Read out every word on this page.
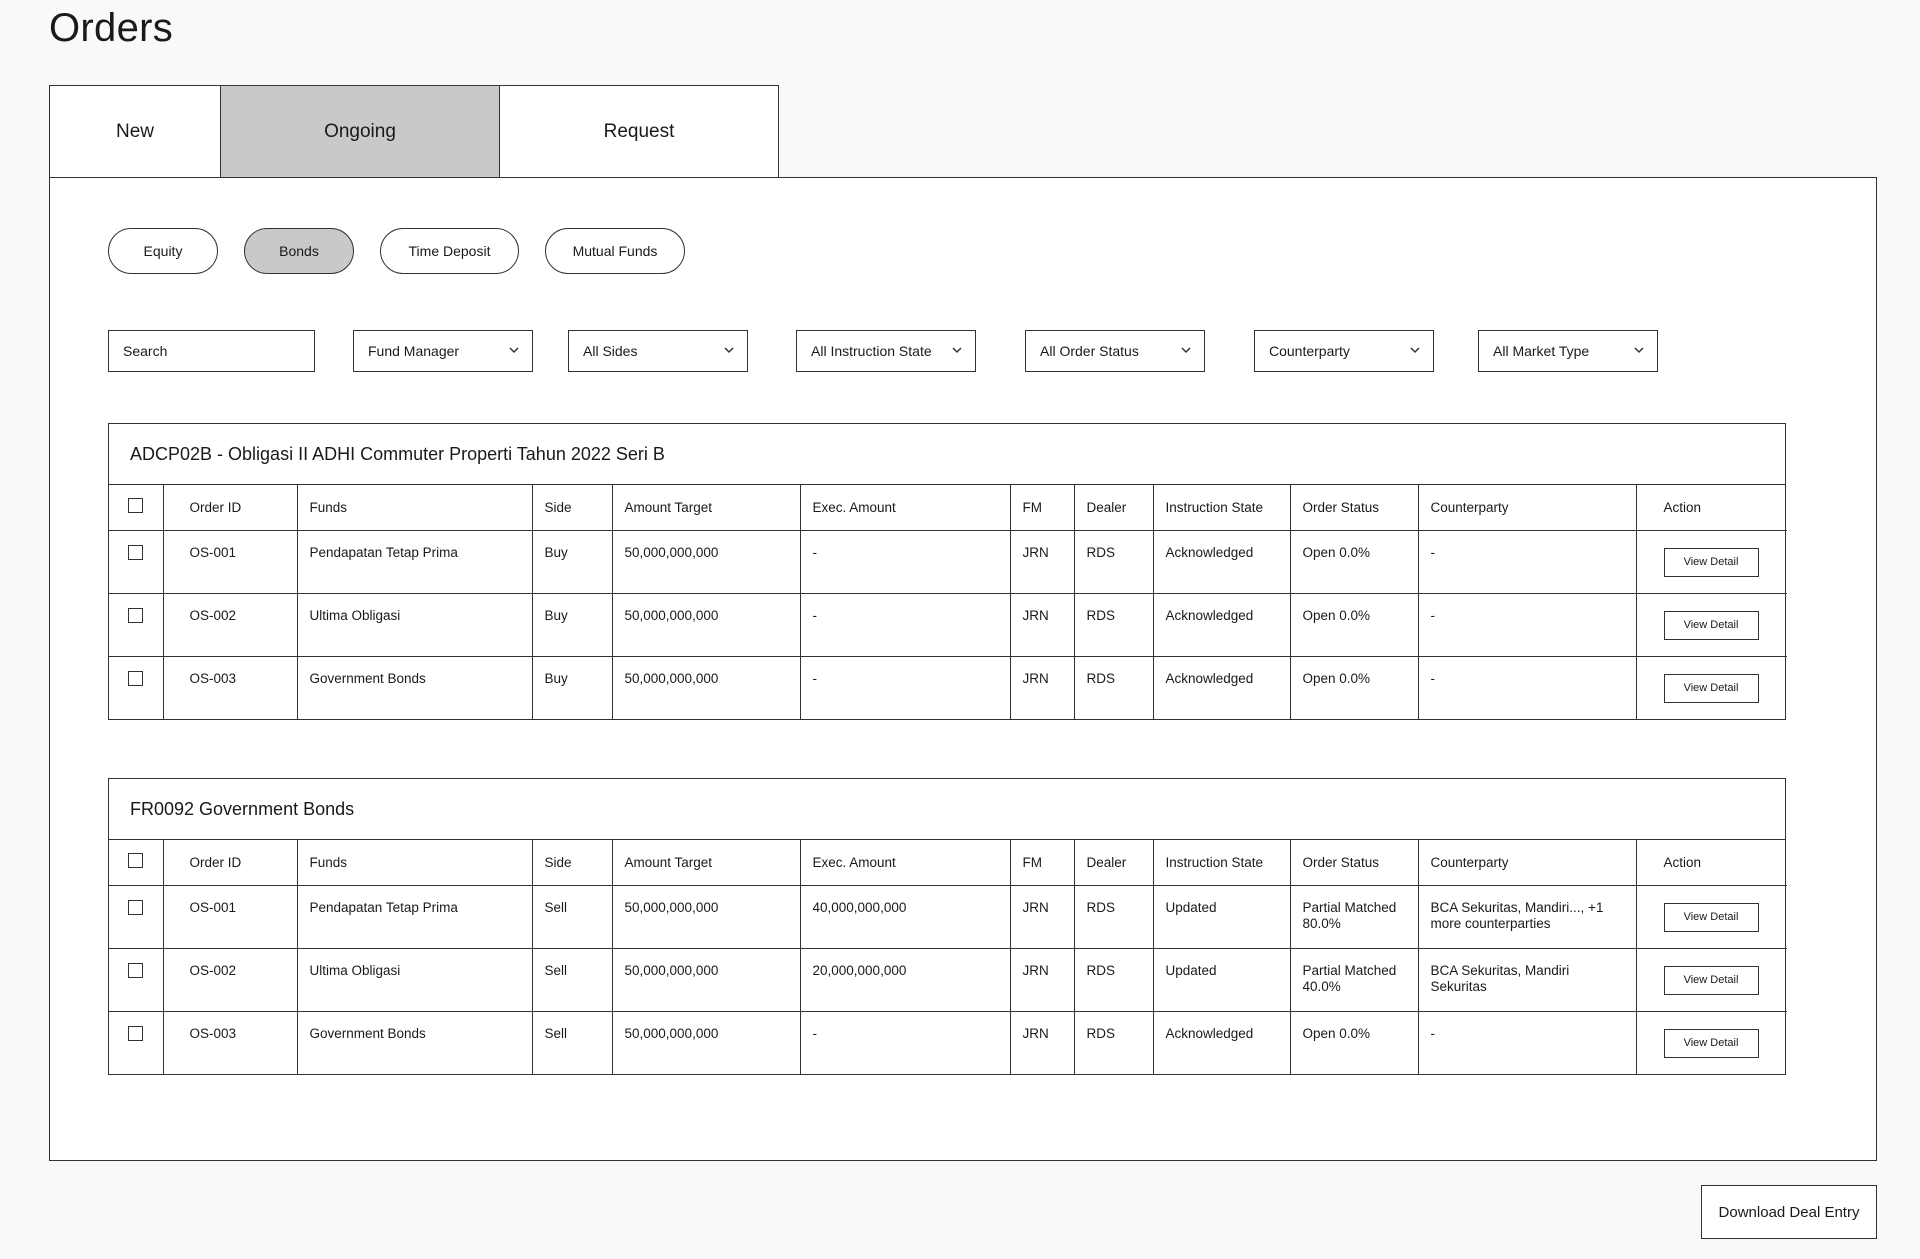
Orders
New	Ongoing	Request
Equity	Bonds	Time Deposit	Mutual Funds
Search	Fund Manager	All Sides	All Instruction State	All Order Status	Counterparty	All Market Type
ADCP02B - Obligasi II ADHI Commuter Properti Tahun 2022 Seri B
	Order ID	Funds	Side	Amount Target	Exec. Amount	FM	Dealer	Instruction State	Order Status	Counterparty	Action
	OS-001	Pendapatan Tetap Prima	Buy	50,000,000,000	-	JRN	RDS	Acknowledged	Open 0.0%	-	View Detail
	OS-002	Ultima Obligasi	Buy	50,000,000,000	-	JRN	RDS	Acknowledged	Open 0.0%	-	View Detail
	OS-003	Government Bonds	Buy	50,000,000,000	-	JRN	RDS	Acknowledged	Open 0.0%	-	View Detail
FR0092 Government Bonds
	Order ID	Funds	Side	Amount Target	Exec. Amount	FM	Dealer	Instruction State	Order Status	Counterparty	Action
	OS-001	Pendapatan Tetap Prima	Sell	50,000,000,000	40,000,000,000	JRN	RDS	Updated	Partial Matched 80.0%	BCA Sekuritas, Mandiri..., +1 more counterparties	View Detail
	OS-002	Ultima Obligasi	Sell	50,000,000,000	20,000,000,000	JRN	RDS	Updated	Partial Matched 40.0%	BCA Sekuritas, Mandiri Sekuritas	View Detail
	OS-003	Government Bonds	Sell	50,000,000,000	-	JRN	RDS	Acknowledged	Open 0.0%	-	View Detail
Download Deal Entry
